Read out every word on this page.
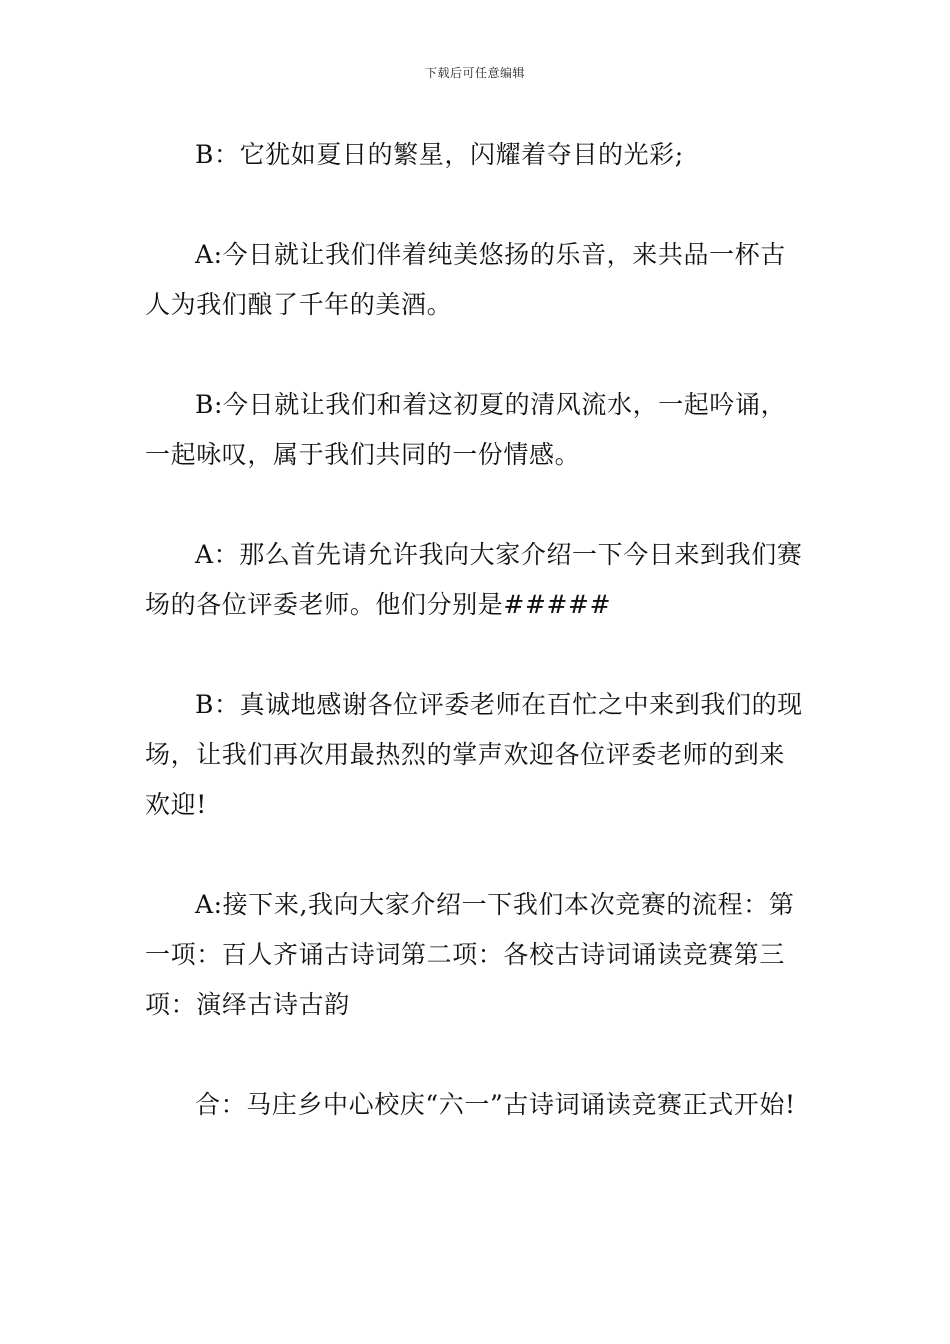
下载后可任意编辑

B：它犹如夏日的繁星，闪耀着夺目的光彩;

A:今日就让我们伴着纯美悠扬的乐音，来共品一杯古人为我们酿了千年的美酒。

B:今日就让我们和着这初夏的清风流水，一起吟诵，一起咏叹，属于我们共同的一份情感。

A：那么首先请允许我向大家介绍一下今日来到我们赛场的各位评委老师。他们分别是#####

B：真诚地感谢各位评委老师在百忙之中来到我们的现场，让我们再次用最热烈的掌声欢迎各位评委老师的到来欢迎!

A:接下来,我向大家介绍一下我们本次竞赛的流程：第一项：百人齐诵古诗词第二项：各校古诗词诵读竞赛第三项：演绎古诗古韵

合：马庄乡中心校庆“六一”古诗词诵读竞赛正式开始!
